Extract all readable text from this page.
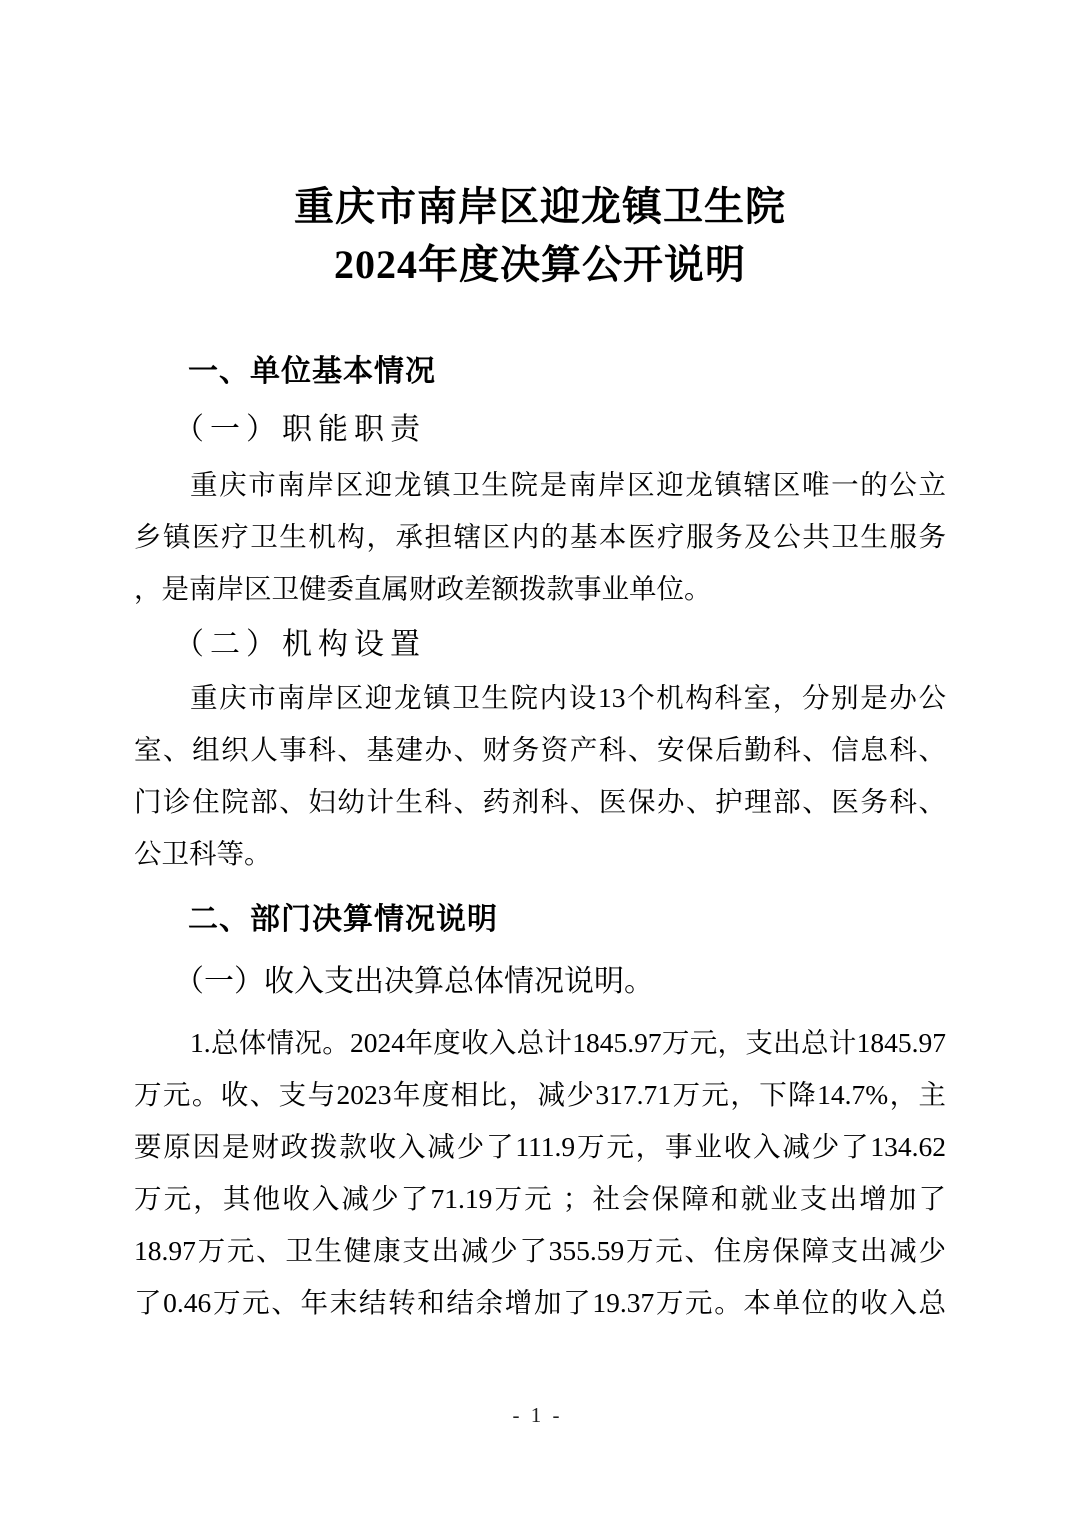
重庆市南岸区迎龙镇卫生院
2024年度决算公开说明
一、单位基本情况
（一）职能职责
重庆市南岸区迎龙镇卫生院是南岸区迎龙镇辖区唯一的公立
乡镇医疗卫生机构，承担辖区内的基本医疗服务及公共卫生服务
，是南岸区卫健委直属财政差额拨款事业单位。
（二）机构设置
重庆市南岸区迎龙镇卫生院内设13个机构科室，分别是办公
室、组织人事科、基建办、财务资产科、安保后勤科、信息科、
门诊住院部、妇幼计生科、药剂科、医保办、护理部、医务科、
公卫科等。
二、部门决算情况说明
（一）收入支出决算总体情况说明。
1.总体情况。2024年度收入总计1845.97万元，支出总计1845.97
万元。收、支与2023年度相比，减少317.71万元，下降14.7%，主
要原因是财政拨款收入减少了111.9万元，事业收入减少了134.62
万元，其他收入减少了71.19万元 ；社会保障和就业支出增加了
18.97万元、卫生健康支出减少了355.59万元、住房保障支出减少
了0.46万元、年末结转和结余增加了19.37万元。本单位的收入总
- 1 -
